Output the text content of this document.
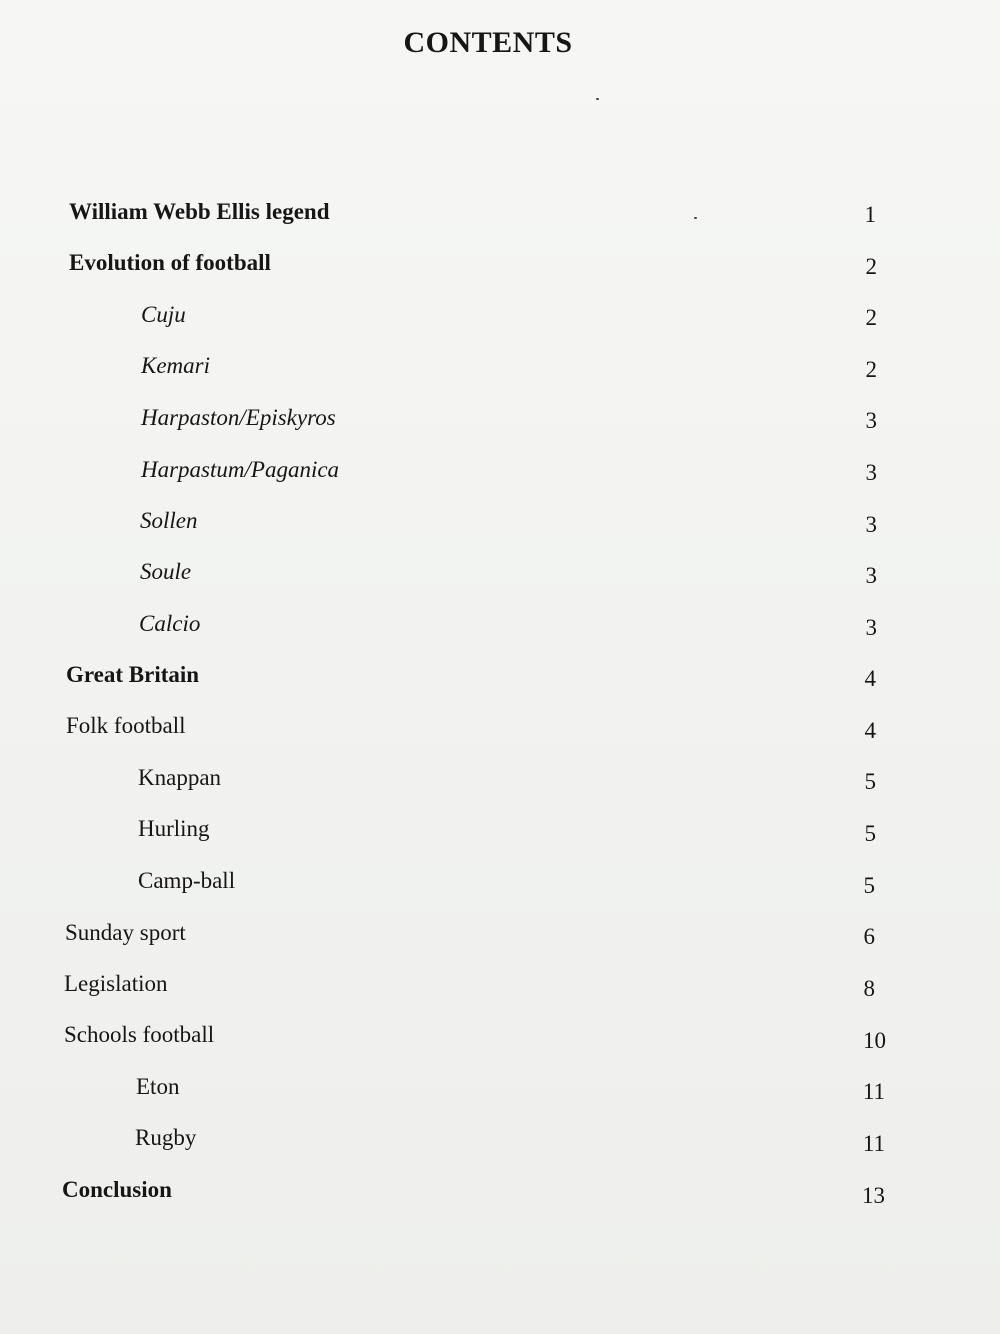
CONTENTS
William Webb Ellis legend	1
Evolution of football	2
Cuju	2
Kemari	2
Harpaston/Episkyros	3
Harpastum/Paganica	3
Sollen	3
Soule	3
Calcio	3
Great Britain	4
Folk football	4
Knappan	5
Hurling	5
Camp-ball	5
Sunday sport	6
Legislation	8
Schools football	10
Eton	11
Rugby	11
Conclusion	13
